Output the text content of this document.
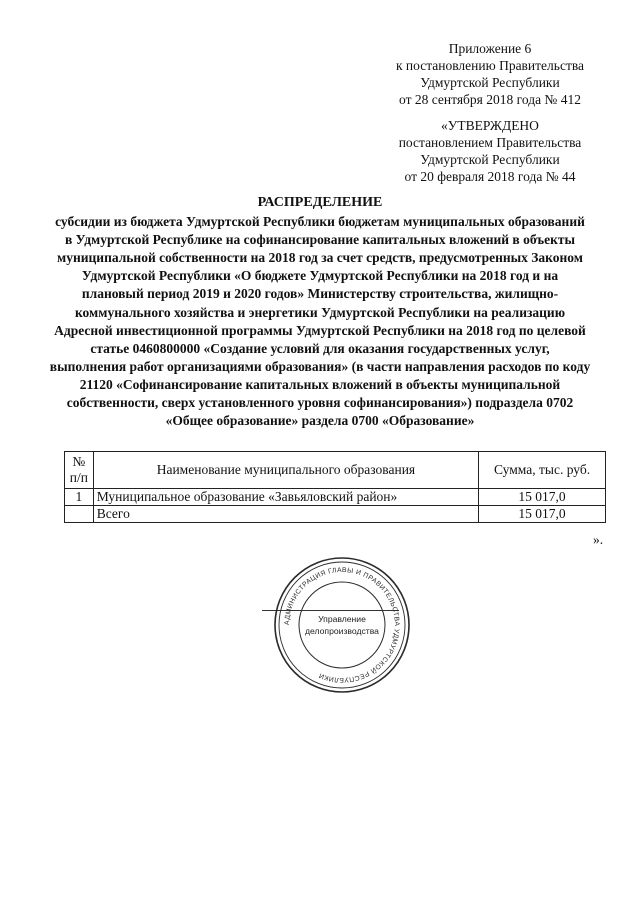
Приложение 6
к постановлению Правительства
Удмуртской Республики
от 28 сентября 2018 года № 412
«УТВЕРЖДЕНО
постановлением Правительства
Удмуртской Республики
от 20 февраля 2018 года № 44
РАСПРЕДЕЛЕНИЕ
субсидии из бюджета Удмуртской Республики бюджетам муниципальных образований
в Удмуртской Республике на софинансирование капитальных вложений в объекты
муниципальной собственности на 2018 год за счет средств, предусмотренных Законом
Удмуртской Республики «О бюджете Удмуртской Республики на 2018 год и на
плановый период 2019 и 2020 годов» Министерству строительства, жилищно-
коммунального хозяйства и энергетики Удмуртской Республики на реализацию
Адресной инвестиционной программы Удмуртской Республики на 2018 год по целевой
статье 0460800000 «Создание условий для оказания государственных услуг,
выполнения работ организациями образования» (в части направления расходов по коду
21120 «Софинансирование капитальных вложений в объекты муниципальной
собственности, сверх установленного уровня софинансирования») подраздела 0702
«Общее образование» раздела 0700 «Образование»
№
п/п	Наименование муниципального образования	Сумма, тыс. руб.
1	Муниципальное образование «Завьяловский район»	15 017,0
	Всего	15 017,0
».
АДМИНИСТРАЦИЯ ГЛАВЫ И ПРАВИТЕЛЬСТВА УДМУРТСКОЙ РЕСПУБЛИКИ
Управление
делопроизводства
